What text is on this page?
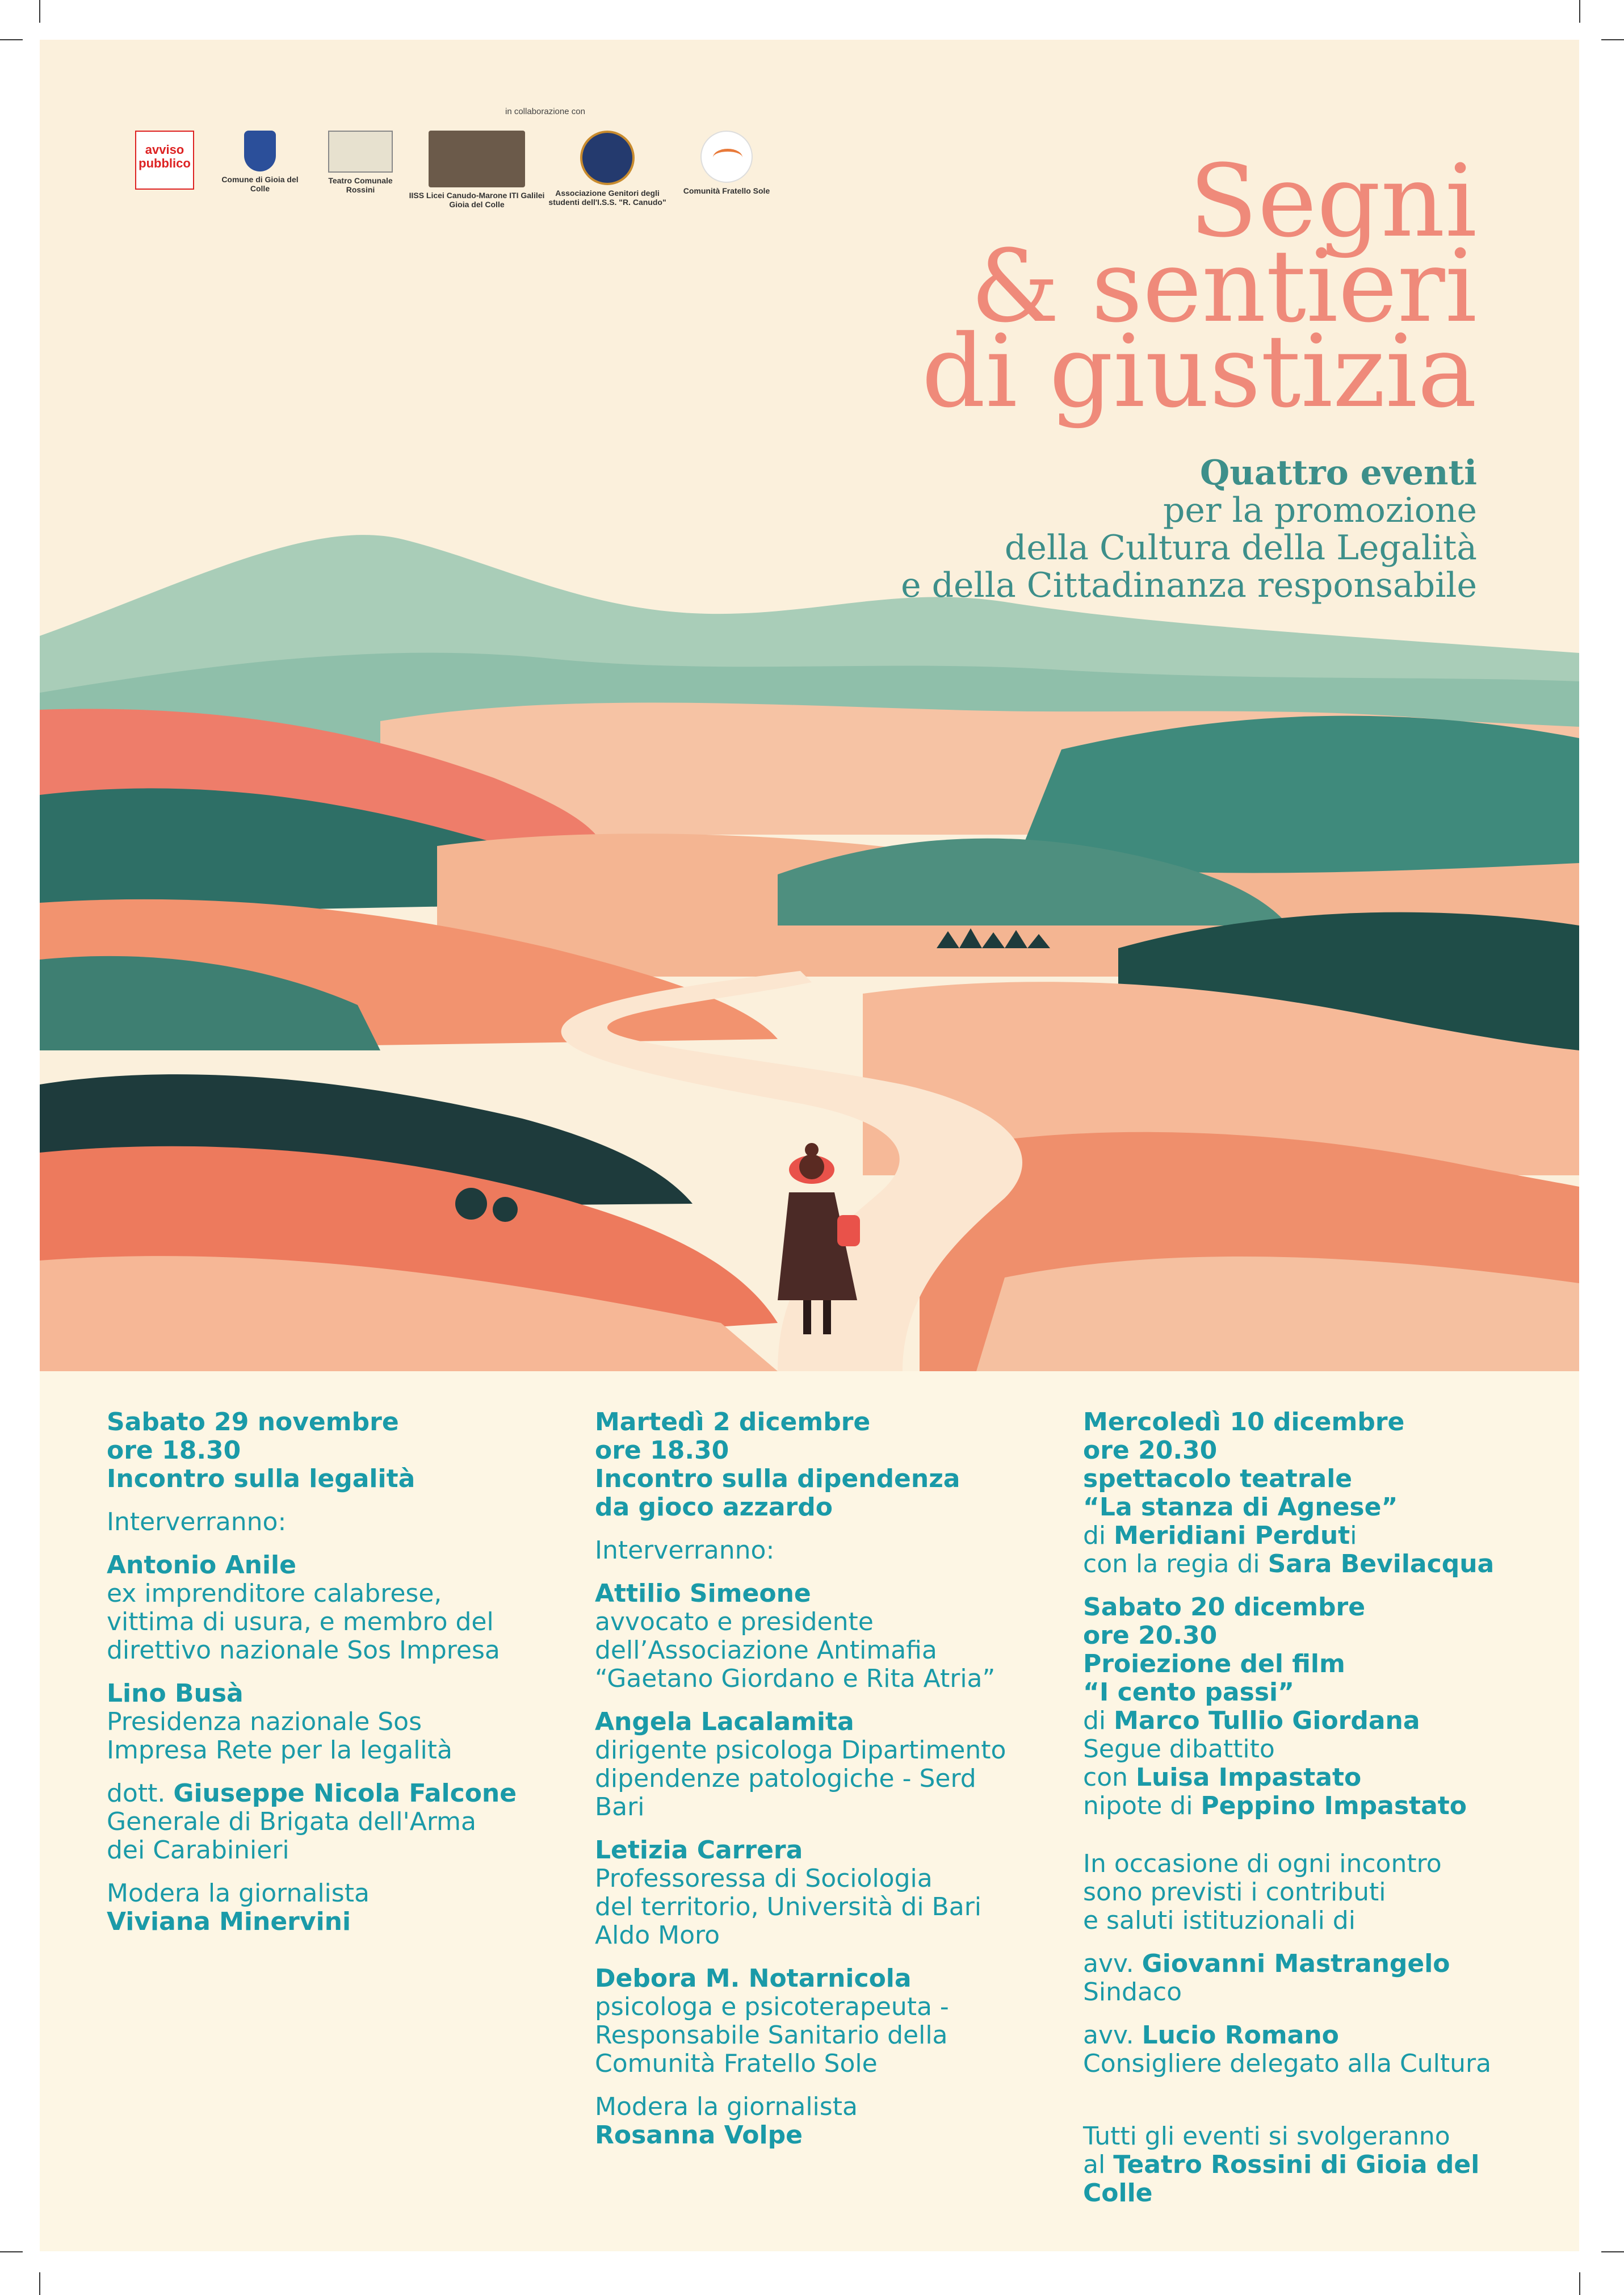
in collaborazione con
avviso pubblico
Comune di Gioia del Colle
Teatro Comunale Rossini
IISS Licei Canudo-Marone ITI Galilei Gioia del Colle
Associazione Genitori degli studenti dell'I.S.S. "R. Canudo"
Comunità Fratello Sole	Segni
& sentieri
di giustizia
Quattro eventi
per la promozione
della Cultura della Legalità
e della Cittadinanza responsabile
Sabato 29 novembre
ore 18.30
Incontro sulla legalità
Interverranno:
Antonio Anile
ex imprenditore calabrese,
vittima di usura, e membro del
direttivo nazionale Sos Impresa
Lino Busà
Presidenza nazionale Sos
Impresa Rete per la legalità
dott. Giuseppe Nicola Falcone
Generale di Brigata dell'Arma
dei Carabinieri
Modera la giornalista
Viviana Minervini
Martedì 2 dicembre
ore 18.30
Incontro sulla dipendenza
da gioco azzardo
Interverranno:
Attilio Simeone
avvocato e presidente
dell’Associazione Antimafia
“Gaetano Giordano e Rita Atria”
Angela Lacalamita
dirigente psicologa Dipartimento
dipendenze patologiche - Serd
Bari
Letizia Carrera
Professoressa di Sociologia
del territorio, Università di Bari
Aldo Moro
Debora M. Notarnicola
psicologa e psicoterapeuta -
Responsabile Sanitario della
Comunità Fratello Sole
Modera la giornalista
Rosanna Volpe
Mercoledì 10 dicembre
ore 20.30
spettacolo teatrale
“La stanza di Agnese”
di Meridiani Perduti
con la regia di Sara Bevilacqua
Sabato 20 dicembre
ore 20.30
Proiezione del film
“I cento passi”
di Marco Tullio Giordana
Segue dibattito
con Luisa Impastato
nipote di Peppino Impastato
In occasione di ogni incontro
sono previsti i contributi
e saluti istituzionali di
avv. Giovanni Mastrangelo
Sindaco
avv. Lucio Romano
Consigliere delegato alla Cultura
Tutti gli eventi si svolgeranno
al Teatro Rossini di Gioia del Colle
